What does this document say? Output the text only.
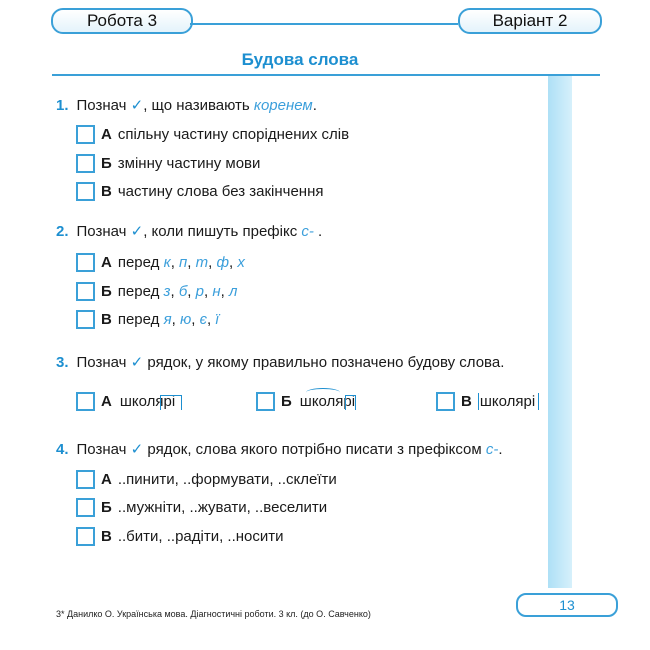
Робота 3	Варіант 2
Будова слова
1. Познач ✓, що називають коренем.
А спільну частину споріднених слів
Б змінну частину мови
В частину слова без закінчення
2. Познач ✓, коли пишуть префікс с- .
А перед
к , п , т , ф , х
Б перед
з , б , р , н , л
В перед
я , ю , є , ї
3. Познач ✓ рядок, у якому правильно позначено будову слова.
А школярі	Б школярі	В школярі
4. Познач ✓ рядок, слова якого потрібно писати з префіксом с-.
А ..пинити, ..формувати, ..склеїти
Б ..мужніти, ..жувати, ..веселити
В ..бити, ..радіти, ..носити
3* Данилко О. Українська мова. Діагностичні роботи. 3 кл. (до О. Савченко)
13
